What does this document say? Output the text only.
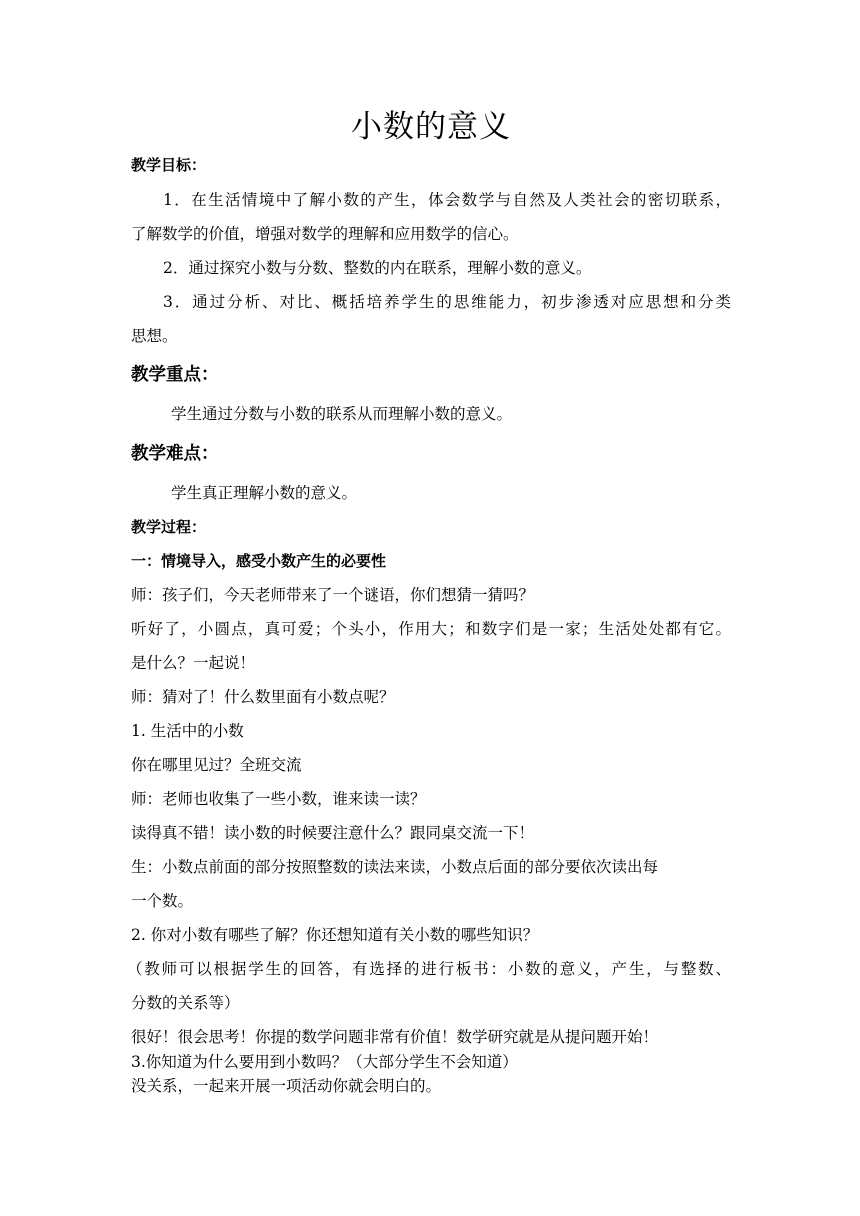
小数的意义
教学目标：
1．在生活情境中了解小数的产生，体会数学与自然及人类社会的密切联系，
了解数学的价值，增强对数学的理解和应用数学的信心。
2．通过探究小数与分数、整数的内在联系，理解小数的意义。
3．通过分析、对比、概括培养学生的思维能力，初步渗透对应思想和分类
思想。
教学重点：
学生通过分数与小数的联系从而理解小数的意义。
教学难点：
学生真正理解小数的意义。
教学过程：
一：情境导入，感受小数产生的必要性
师：孩子们，今天老师带来了一个谜语，你们想猜一猜吗？
听好了，小圆点，真可爱；个头小，作用大；和数字们是一家；生活处处都有它。
是什么？一起说！
师：猜对了！什么数里面有小数点呢？
1. 生活中的小数
你在哪里见过？全班交流
师：老师也收集了一些小数，谁来读一读？
读得真不错！读小数的时候要注意什么？跟同桌交流一下！
生：小数点前面的部分按照整数的读法来读，小数点后面的部分要依次读出每
一个数。
2. 你对小数有哪些了解？你还想知道有关小数的哪些知识？
（教师可以根据学生的回答，有选择的进行板书：小数的意义，产生，与整数、
分数的关系等）
很好！很会思考！你提的数学问题非常有价值！数学研究就是从提问题开始！
3.你知道为什么要用到小数吗？（大部分学生不会知道）
没关系，一起来开展一项活动你就会明白的。
